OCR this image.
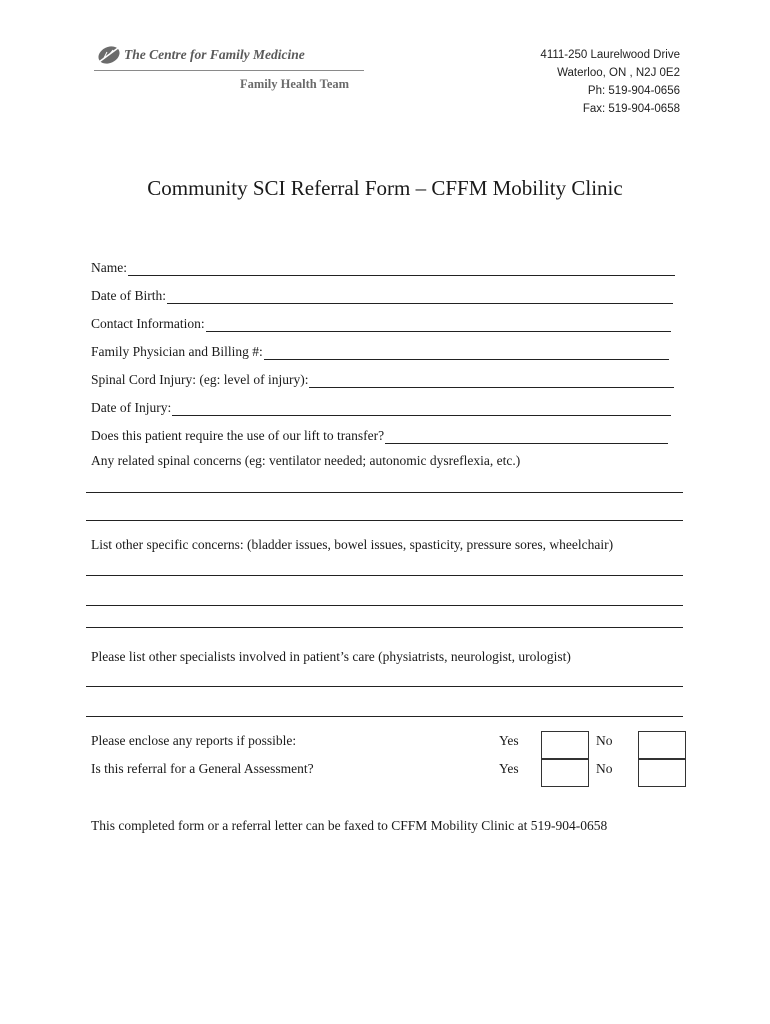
The Centre for Family Medicine
Family Health Team
4111-250 Laurelwood Drive
Waterloo, ON , N2J 0E2
Ph: 519-904-0656
Fax: 519-904-0658
Community SCI Referral Form – CFFM Mobility Clinic
Name:
Date of Birth:
Contact Information:
Family Physician and Billing #:
Spinal Cord Injury: (eg: level of injury):
Date of Injury:
Does this patient require the use of our lift to transfer?
Any related spinal concerns (eg: ventilator needed; autonomic dysreflexia, etc.)
List other specific concerns: (bladder issues, bowel issues, spasticity, pressure sores, wheelchair)
Please list other specialists involved in patient’s care (physiatrists, neurologist, urologist)
Please enclose any reports if possible:	Yes	No
Is this referral for a General Assessment?	Yes	No
This completed form or a referral letter can be faxed to CFFM Mobility Clinic at 519-904-0658
